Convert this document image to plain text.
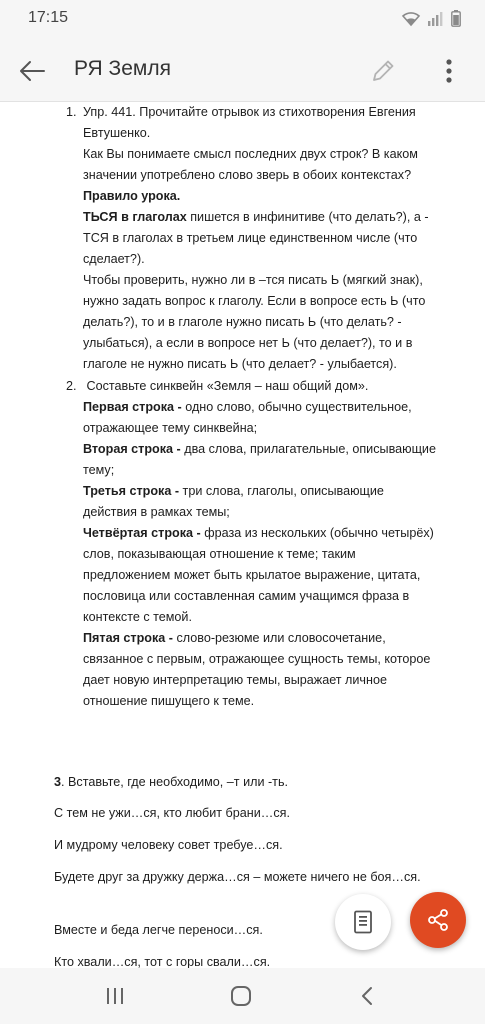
17:15
РЯ Земля
1. Упр. 441. Прочитайте отрывок из стихотворения Евгения Евтушенко.
Как Вы понимаете смысл последних двух строк? В каком значении употреблено слово зверь в обоих контекстах?
Правило урока.
ТЬСЯ в глаголах пишется в инфинитиве (что делать?), а - ТСЯ в глаголах в третьем лице единственном числе (что сделает?).
Чтобы проверить, нужно ли в –тся писать Ь (мягкий знак), нужно задать вопрос к глаголу. Если в вопросе есть Ь (что делать?), то и в глаголе нужно писать Ь (что делать? - улыбаться), а если в вопросе нет Ь (что делает?), то и в глаголе не нужно писать Ь (что делает? - улыбается).
2. Составьте синквейн «Земля – наш общий дом».
Первая строка - одно слово, обычно существительное, отражающее тему синквейна;
Вторая строка - два слова, прилагательные, описывающие тему;
Третья строка - три слова, глаголы, описывающие действия в рамках темы;
Четвёртая строка - фраза из нескольких (обычно четырёх) слов, показывающая отношение к теме; таким предложением может быть крылатое выражение, цитата, пословица или составленная самим учащимся фраза в контексте с темой.
Пятая строка - слово-резюме или словосочетание, связанное с первым, отражающее сущность темы, которое дает новую интерпретацию темы, выражает личное отношение пишущего к теме.
3. Вставьте, где необходимо, –т или -ть.
С тем не ужи…ся, кто любит брани…ся.
И мудрому человеку совет требуе…ся.
Будете друг за дружку держа…ся – можете ничего не боя…ся.
Вместе и беда легче переноси…ся.
Кто хвали…ся, тот с горы свали…ся.
